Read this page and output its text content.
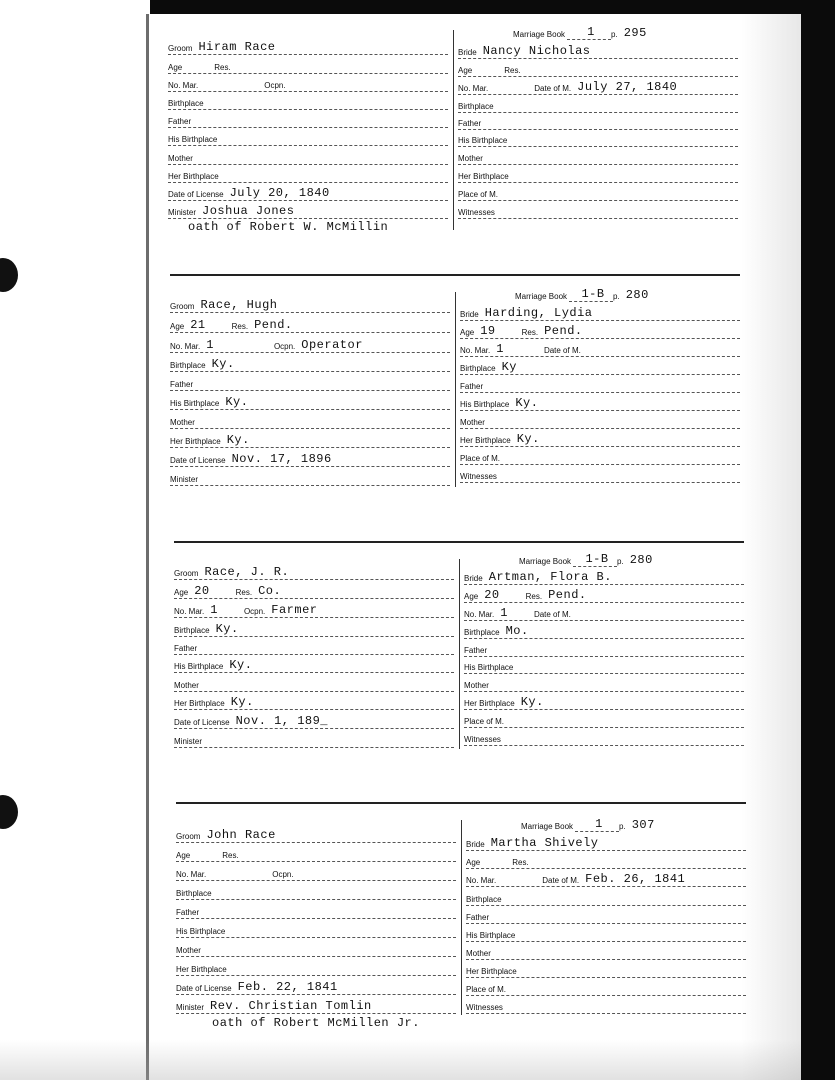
Groom Hiram Race
Age	Res.
No. Mar.	Ocpn.
Birthplace
Father
His Birthplace
Mother
Her Birthplace
Date of License July 20, 1840
Minister Joshua Jones
oath of Robert W. McMillin
Marriage Book	1	p. 295
Bride Nancy Nicholas
Age	Res.
No. Mar.	Date of M. July 27, 1840
Birthplace
Father
His Birthplace
Mother
Her Birthplace
Place of M.
Witnesses
Groom Race, Hugh
Age 21	Res. Pend.
No. Mar. 1	Ocpn. Operator
Birthplace Ky.
Father
His Birthplace Ky.
Mother
Her Birthplace Ky.
Date of License Nov. 17, 1896
Minister
Marriage Book	1-B	p. 280
Bride Harding, Lydia
Age 19	Res. Pend.
No. Mar. 1	Date of M.
Birthplace Ky
Father
His Birthplace Ky.
Mother
Her Birthplace Ky.
Place of M.
Witnesses
Groom Race, J. R.
Age 20	Res. Co.
No. Mar. 1	Ocpn. Farmer
Birthplace Ky.
Father
His Birthplace Ky.
Mother
Her Birthplace Ky.
Date of License Nov. 1, 189_
Minister
Marriage Book	1-B	p. 280
Bride Artman, Flora B.
Age 20	Res. Pend.
No. Mar. 1	Date of M.
Birthplace Mo.
Father
His Birthplace
Mother
Her Birthplace Ky.
Place of M.
Witnesses
Groom John Race
Age	Res.
No. Mar.	Ocpn.
Birthplace
Father
His Birthplace
Mother
Her Birthplace
Date of License Feb. 22, 1841
Minister Rev. Christian Tomlin
oath of Robert McMillen Jr.
Marriage Book	1	p. 307
Bride Martha Shively
Age	Res.
No. Mar.	Date of M. Feb. 26, 1841
Birthplace
Father
His Birthplace
Mother
Her Birthplace
Place of M.
Witnesses
